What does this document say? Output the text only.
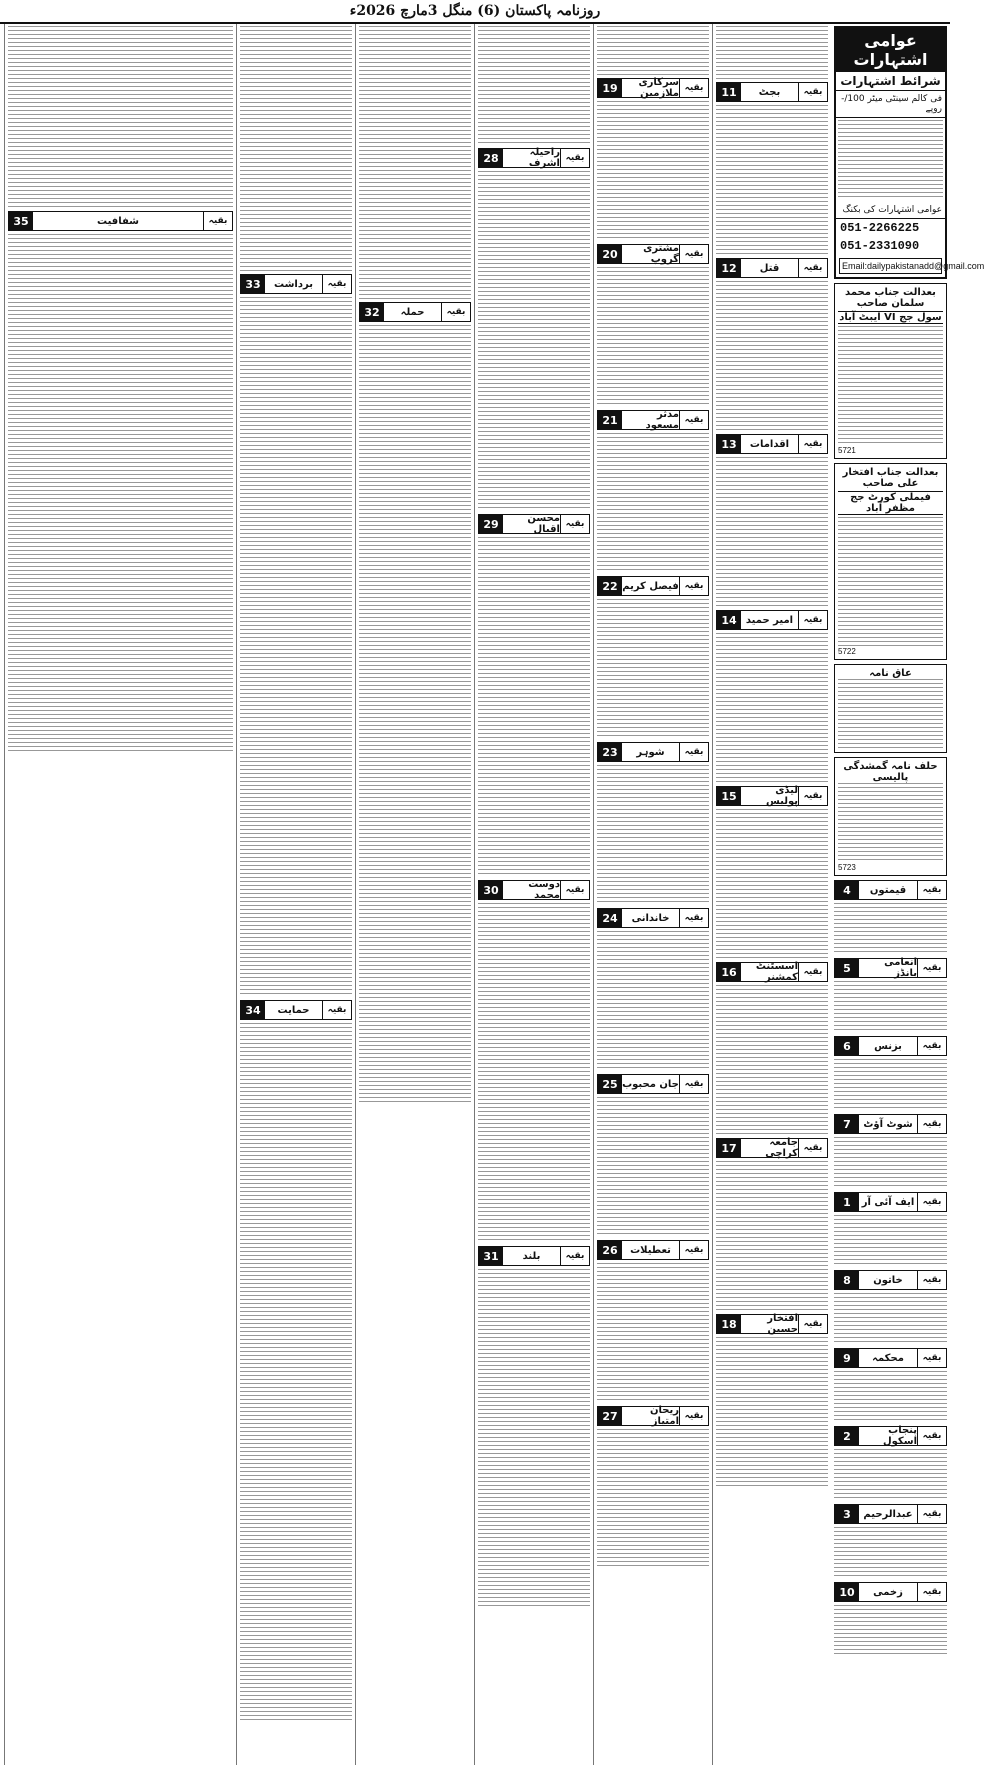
روزنامہ پاکستان (6) منگل 3مارچ 2026ء
عوامی اشتہارات
شرائط اشتہارات
فی کالم سینٹی میٹر 100/- روپے
عوامی اشتہارات کی بکنگ
051-2266225
051-2331090
Email:dailypakistanadd@gmail.com
بعدالت جناب محمد سلمان صاحب
سول جج VI ایبٹ آباد
5721
بعدالت جناب افتخار علی صاحب
فیملی کورٹ جج مظفر آباد
5722
عاق نامہ
حلف نامہ گمشدگی پالیسی
5723
بقیہ
قیمتوں
4
بقیہ
انعامی بانڈز
5
بقیہ
بزنس
6
بقیہ
شوٹ آؤٹ
7
بقیہ
ایف آئی آر
1
بقیہ
خاتون
8
بقیہ
محکمہ
9
بقیہ
پنجاب اسکول
2
بقیہ
عبدالرحیم
3
بقیہ
زخمی
10
بقیہ
بجٹ
11
بقیہ
قتل
12
بقیہ
اقدامات
13
بقیہ
امیر حمید
14
بقیہ
لیڈی پولیس
15
بقیہ
اسسٹنٹ کمشنر
16
بقیہ
جامعہ کراچی
17
بقیہ
افتخار حسین
18
بقیہ
سرکاری ملازمین
19
بقیہ
مشتری گروپ
20
بقیہ
مدثر مسعود
21
بقیہ
فیصل کریم
22
بقیہ
شوہر
23
بقیہ
خاندانی
24
بقیہ
جان محبوب
25
بقیہ
تعطیلات
26
بقیہ
ریحان امتیاز
27
بقیہ
راحیلہ اشرف
28
بقیہ
محسن اقبال
29
بقیہ
دوست محمد
30
بقیہ
بلند
31
بقیہ
حملہ
32
بقیہ
برداشت
33
بقیہ
حمایت
34
بقیہ
شفافیت
35
